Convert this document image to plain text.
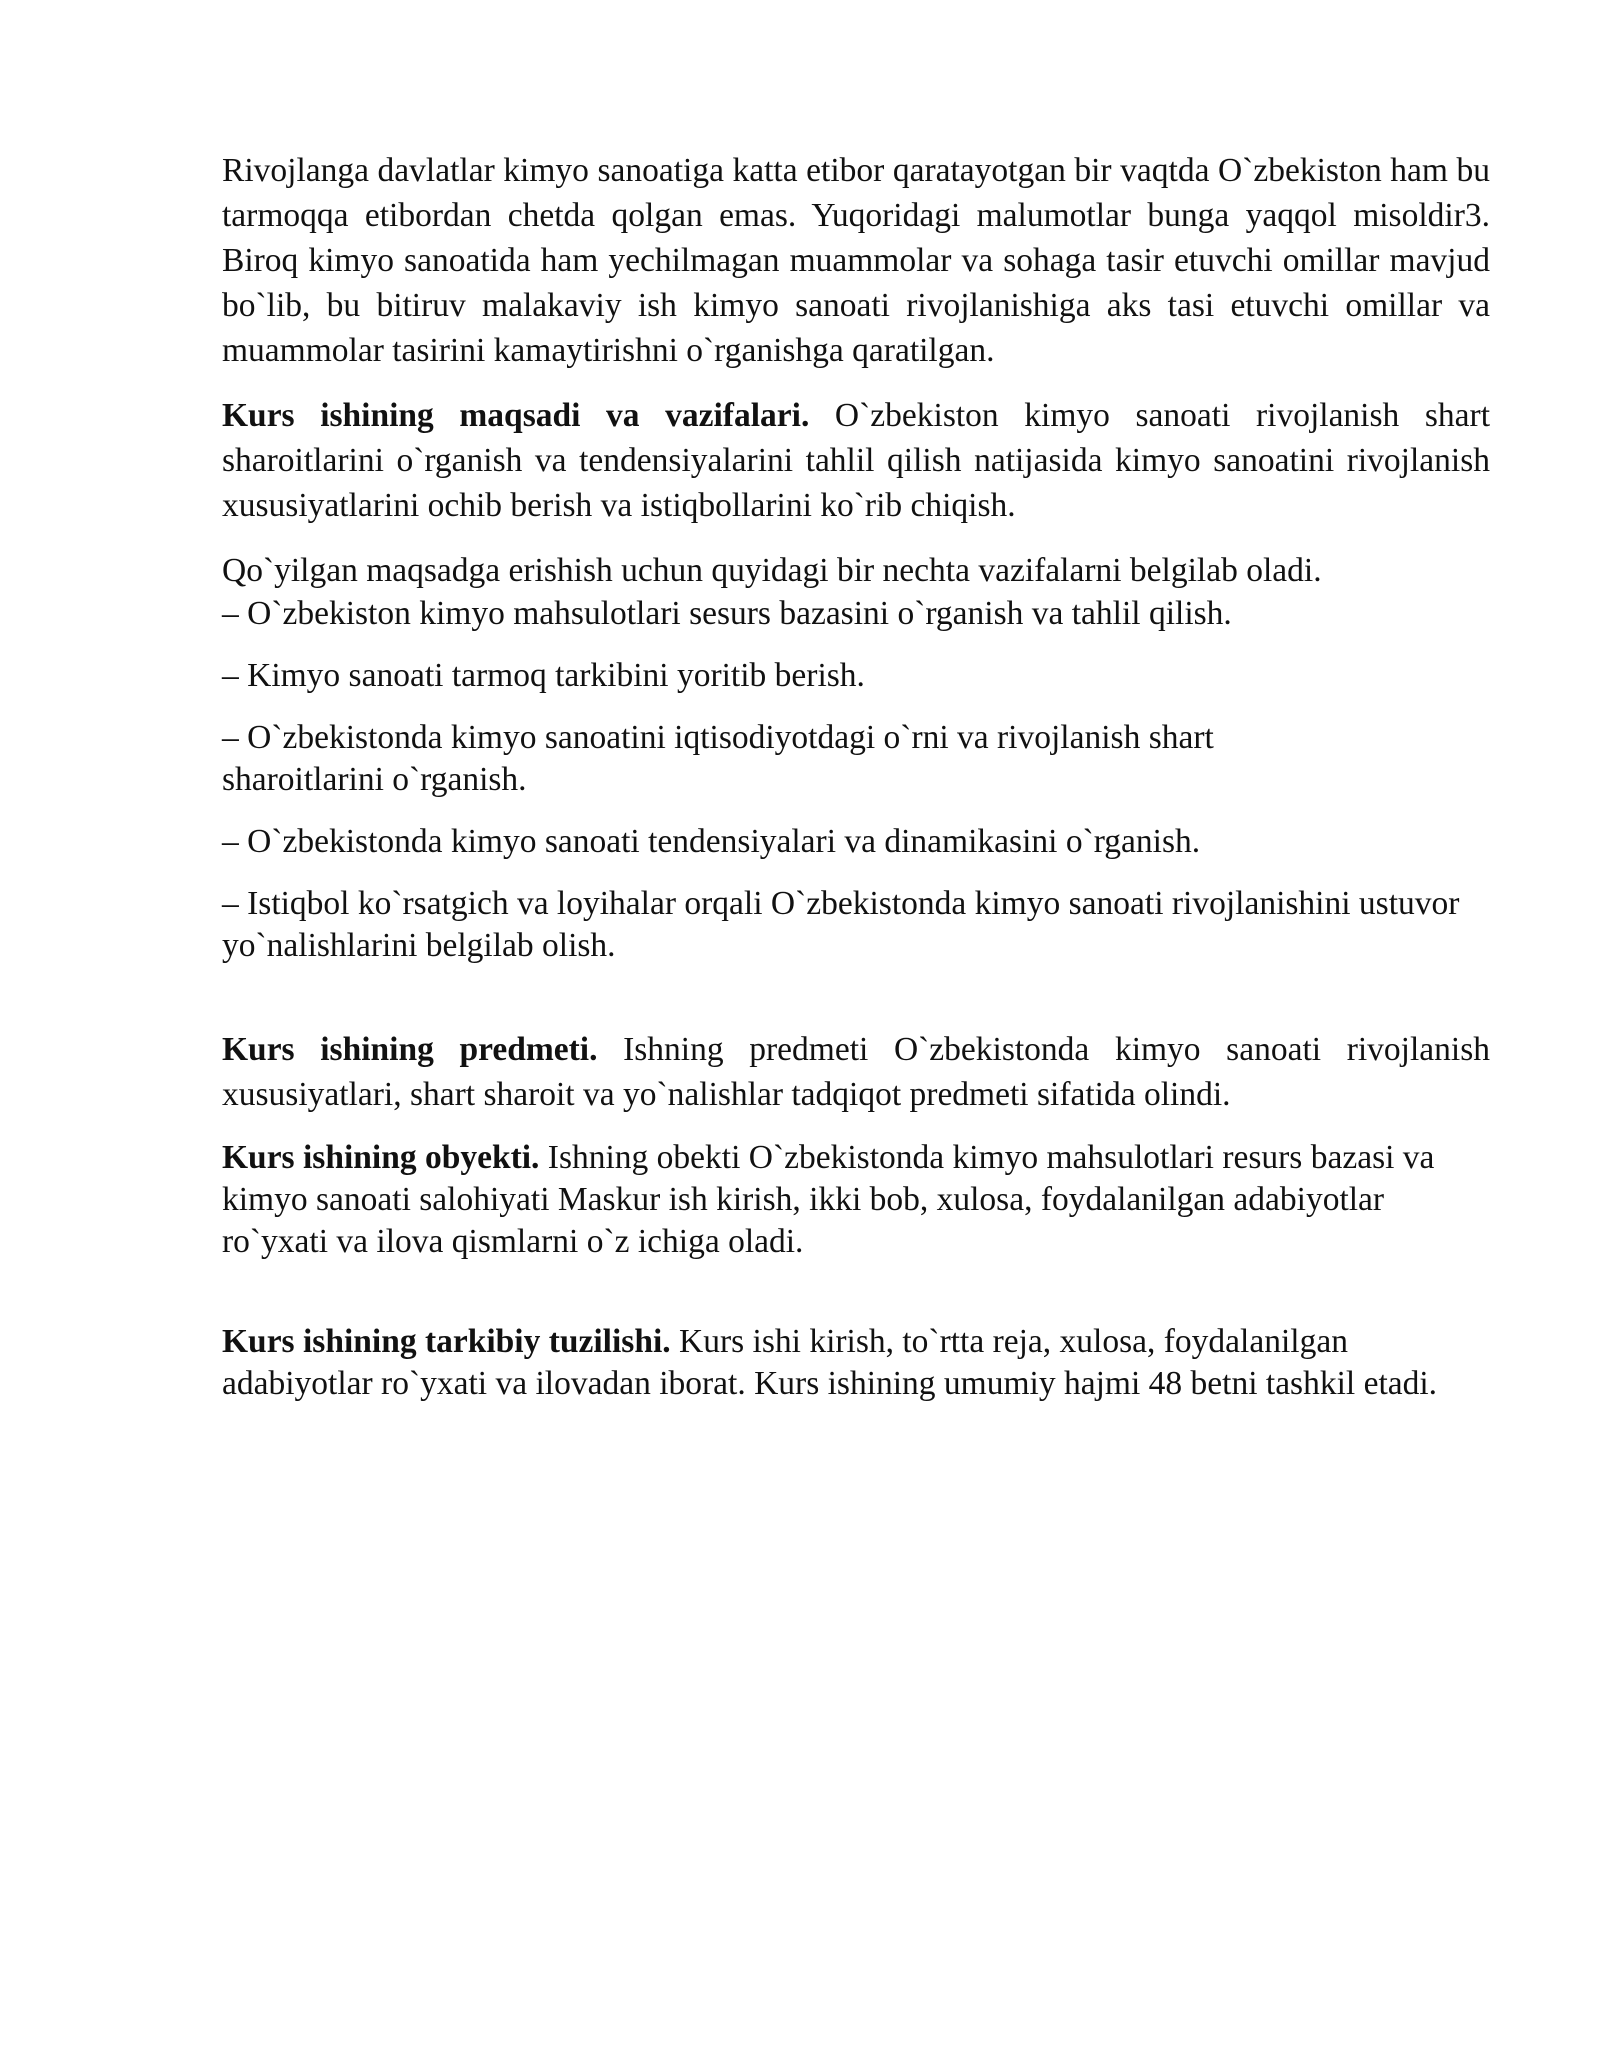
Rivojlanga davlatlar kimyo sanoatiga katta etibor qaratayotgan bir vaqtda O`zbekiston ham bu tarmoqqa etibordan chetda qolgan emas. Yuqoridagi malumotlar bunga yaqqol misoldir3. Biroq kimyo sanoatida ham yechilmagan muammolar va sohaga tasir etuvchi omillar mavjud bo`lib, bu bitiruv malakaviy ish kimyo sanoati rivojlanishiga aks tasi etuvchi omillar va muammolar tasirini kamaytirishni o`rganishga qaratilgan.

Kurs ishining maqsadi va vazifalari. O`zbekiston kimyo sanoati rivojlanish shart sharoitlarini o`rganish va tendensiyalarini tahlil qilish natijasida kimyo sanoatini rivojlanish xususiyatlarini ochib berish va istiqbollarini ko`rib chiqish.

Qo`yilgan maqsadga erishish uchun quyidagi bir nechta vazifalarni belgilab oladi.

– O`zbekiston kimyo mahsulotlari sesurs bazasini o`rganish va tahlil qilish.

– Kimyo sanoati tarmoq tarkibini yoritib berish.

– O`zbekistonda kimyo sanoatini iqtisodiyotdagi o`rni va rivojlanish shart sharoitlarini o`rganish.

– O`zbekistonda kimyo sanoati tendensiyalari va dinamikasini o`rganish.

– Istiqbol ko`rsatgich va loyihalar orqali O`zbekistonda kimyo sanoati rivojlanishini ustuvor yo`nalishlarini belgilab olish.

Kurs ishining predmeti. Ishning predmeti O`zbekistonda kimyo sanoati rivojlanish xususiyatlari, shart sharoit va yo`nalishlar tadqiqot predmeti sifatida olindi.

Kurs ishining obyekti. Ishning obekti O`zbekistonda kimyo mahsulotlari resurs bazasi va kimyo sanoati salohiyati Maskur ish kirish, ikki bob, xulosa, foydalanilgan adabiyotlar ro`yxati va ilova qismlarni o`z ichiga oladi.

Kurs ishining tarkibiy tuzilishi. Kurs ishi kirish, to`rtta reja, xulosa, foydalanilgan adabiyotlar ro`yxati va ilovadan iborat. Kurs ishining umumiy hajmi 48 betni tashkil etadi.
